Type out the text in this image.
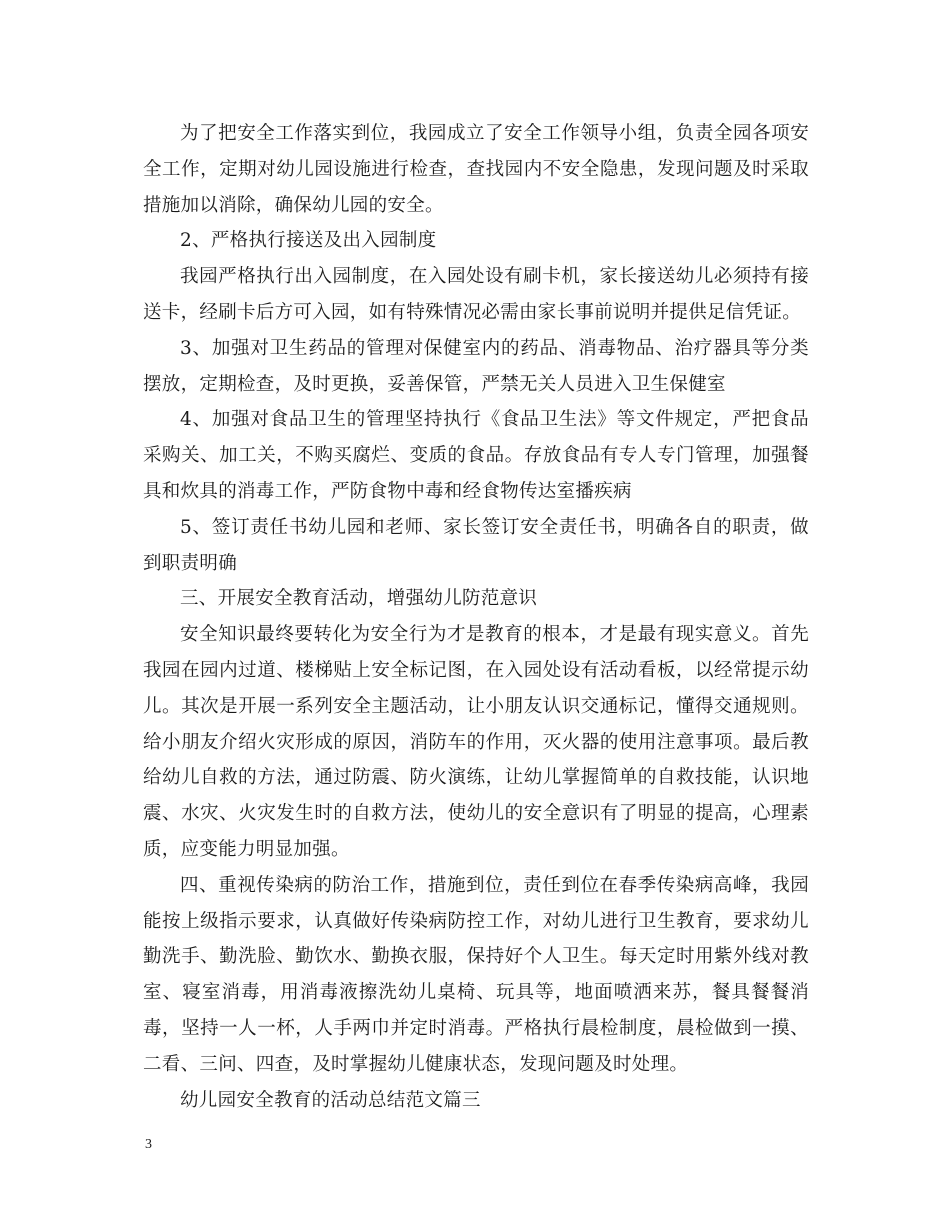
为了把安全工作落实到位，我园成立了安全工作领导小组，负责全园各项安全工作，定期对幼儿园设施进行检查，查找园内不安全隐患，发现问题及时采取措施加以消除，确保幼儿园的安全。

2、严格执行接送及出入园制度

我园严格执行出入园制度，在入园处设有刷卡机，家长接送幼儿必须持有接送卡，经刷卡后方可入园，如有特殊情况必需由家长事前说明并提供足信凭证。

3、加强对卫生药品的管理对保健室内的药品、消毒物品、治疗器具等分类摆放，定期检查，及时更换，妥善保管，严禁无关人员进入卫生保健室

4、加强对食品卫生的管理坚持执行《食品卫生法》等文件规定，严把食品采购关、加工关，不购买腐烂、变质的食品。存放食品有专人专门管理，加强餐具和炊具的消毒工作，严防食物中毒和经食物传达室播疾病

5、签订责任书幼儿园和老师、家长签订安全责任书，明确各自的职责，做到职责明确

三、开展安全教育活动，增强幼儿防范意识

安全知识最终要转化为安全行为才是教育的根本，才是最有现实意义。首先我园在园内过道、楼梯贴上安全标记图，在入园处设有活动看板，以经常提示幼儿。其次是开展一系列安全主题活动，让小朋友认识交通标记，懂得交通规则。给小朋友介绍火灾形成的原因，消防车的作用，灭火器的使用注意事项。最后教给幼儿自救的方法，通过防震、防火演练，让幼儿掌握简单的自救技能，认识地震、水灾、火灾发生时的自救方法，使幼儿的安全意识有了明显的提高，心理素质，应变能力明显加强。

四、重视传染病的防治工作，措施到位，责任到位在春季传染病高峰，我园能按上级指示要求，认真做好传染病防控工作，对幼儿进行卫生教育，要求幼儿勤洗手、勤洗脸、勤饮水、勤换衣服，保持好个人卫生。每天定时用紫外线对教室、寝室消毒，用消毒液擦洗幼儿桌椅、玩具等，地面喷洒来苏，餐具餐餐消毒，坚持一人一杯，人手两巾并定时消毒。严格执行晨检制度，晨检做到一摸、二看、三问、四查，及时掌握幼儿健康状态，发现问题及时处理。

幼儿园安全教育的活动总结范文篇三

3
